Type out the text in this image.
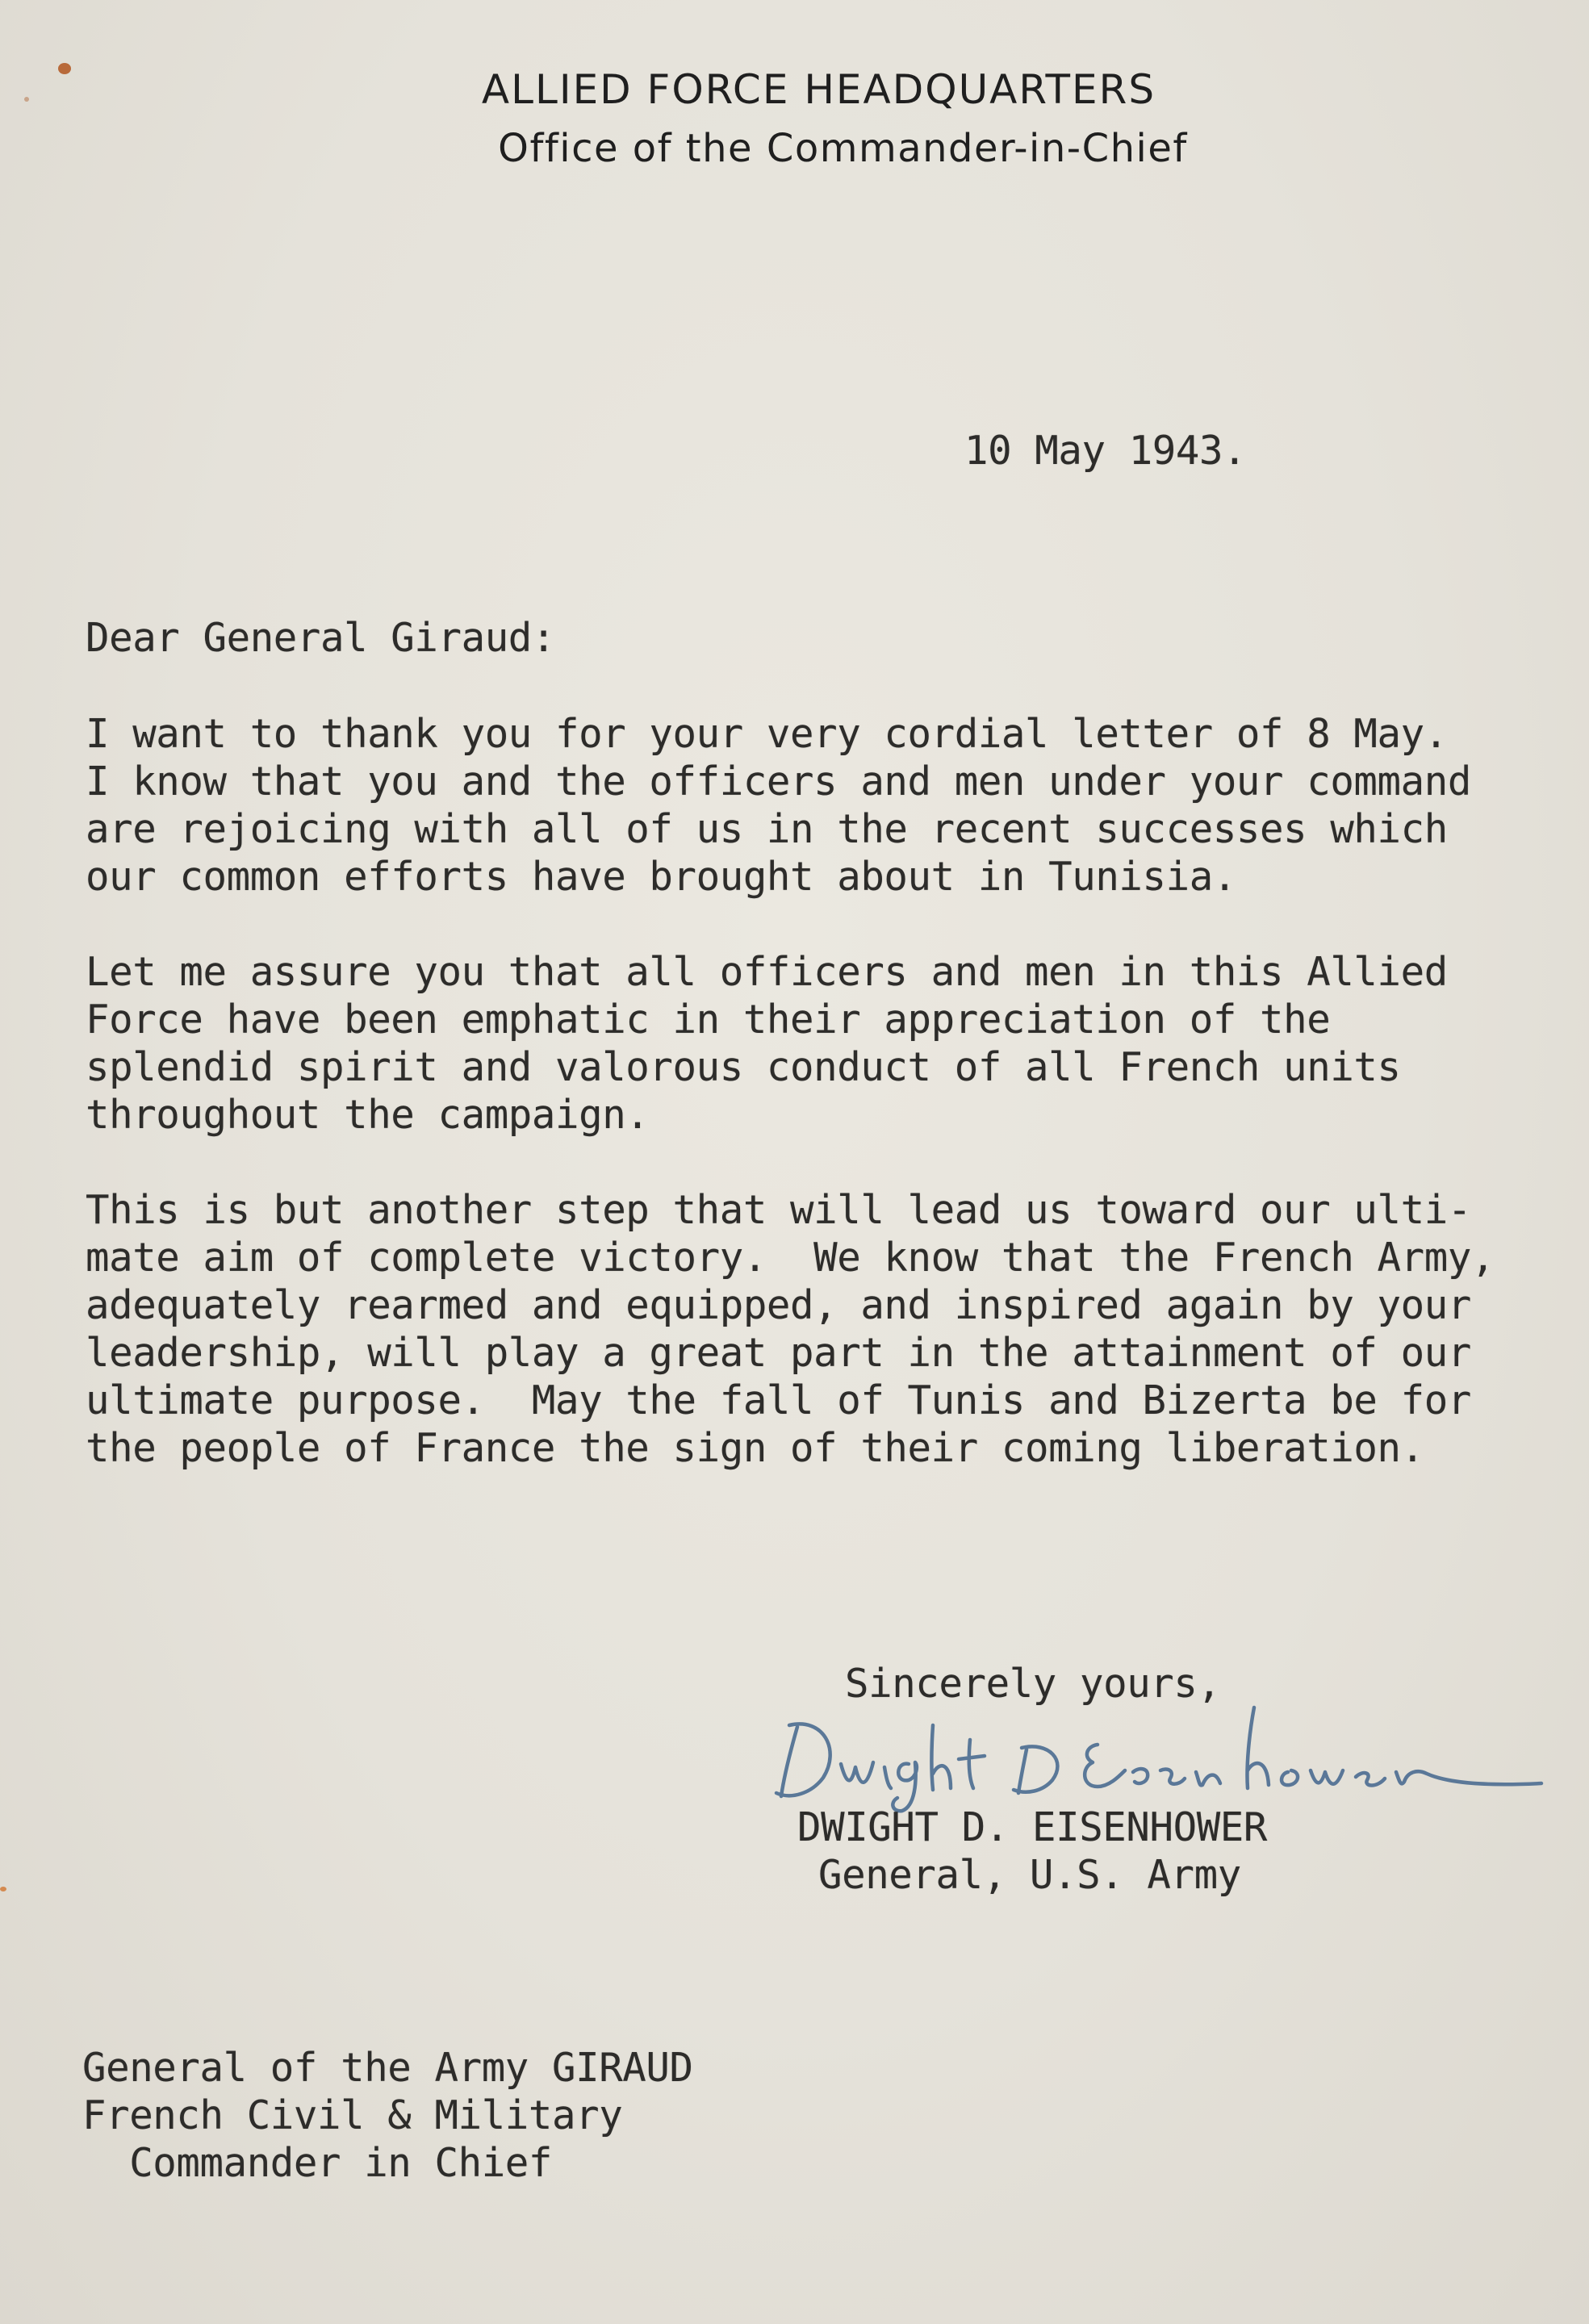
ALLIED FORCE HEADQUARTERS
Office of the Commander-in-Chief
10 May 1943.
Dear General Giraud:
I want to thank you for your very cordial letter of 8 May.
I know that you and the officers and men under your command
are rejoicing with all of us in the recent successes which
our common efforts have brought about in Tunisia.
Let me assure you that all officers and men in this Allied
Force have been emphatic in their appreciation of the
splendid spirit and valorous conduct of all French units
throughout the campaign.
This is but another step that will lead us toward our ulti-
mate aim of complete victory.  We know that the French Army,
adequately rearmed and equipped, and inspired again by your
leadership, will play a great part in the attainment of our
ultimate purpose.  May the fall of Tunis and Bizerta be for
the people of France the sign of their coming liberation.
Sincerely yours,
DWIGHT D. EISENHOWER
General, U.S. Army
General of the Army GIRAUD
French Civil & Military
Commander in Chief
